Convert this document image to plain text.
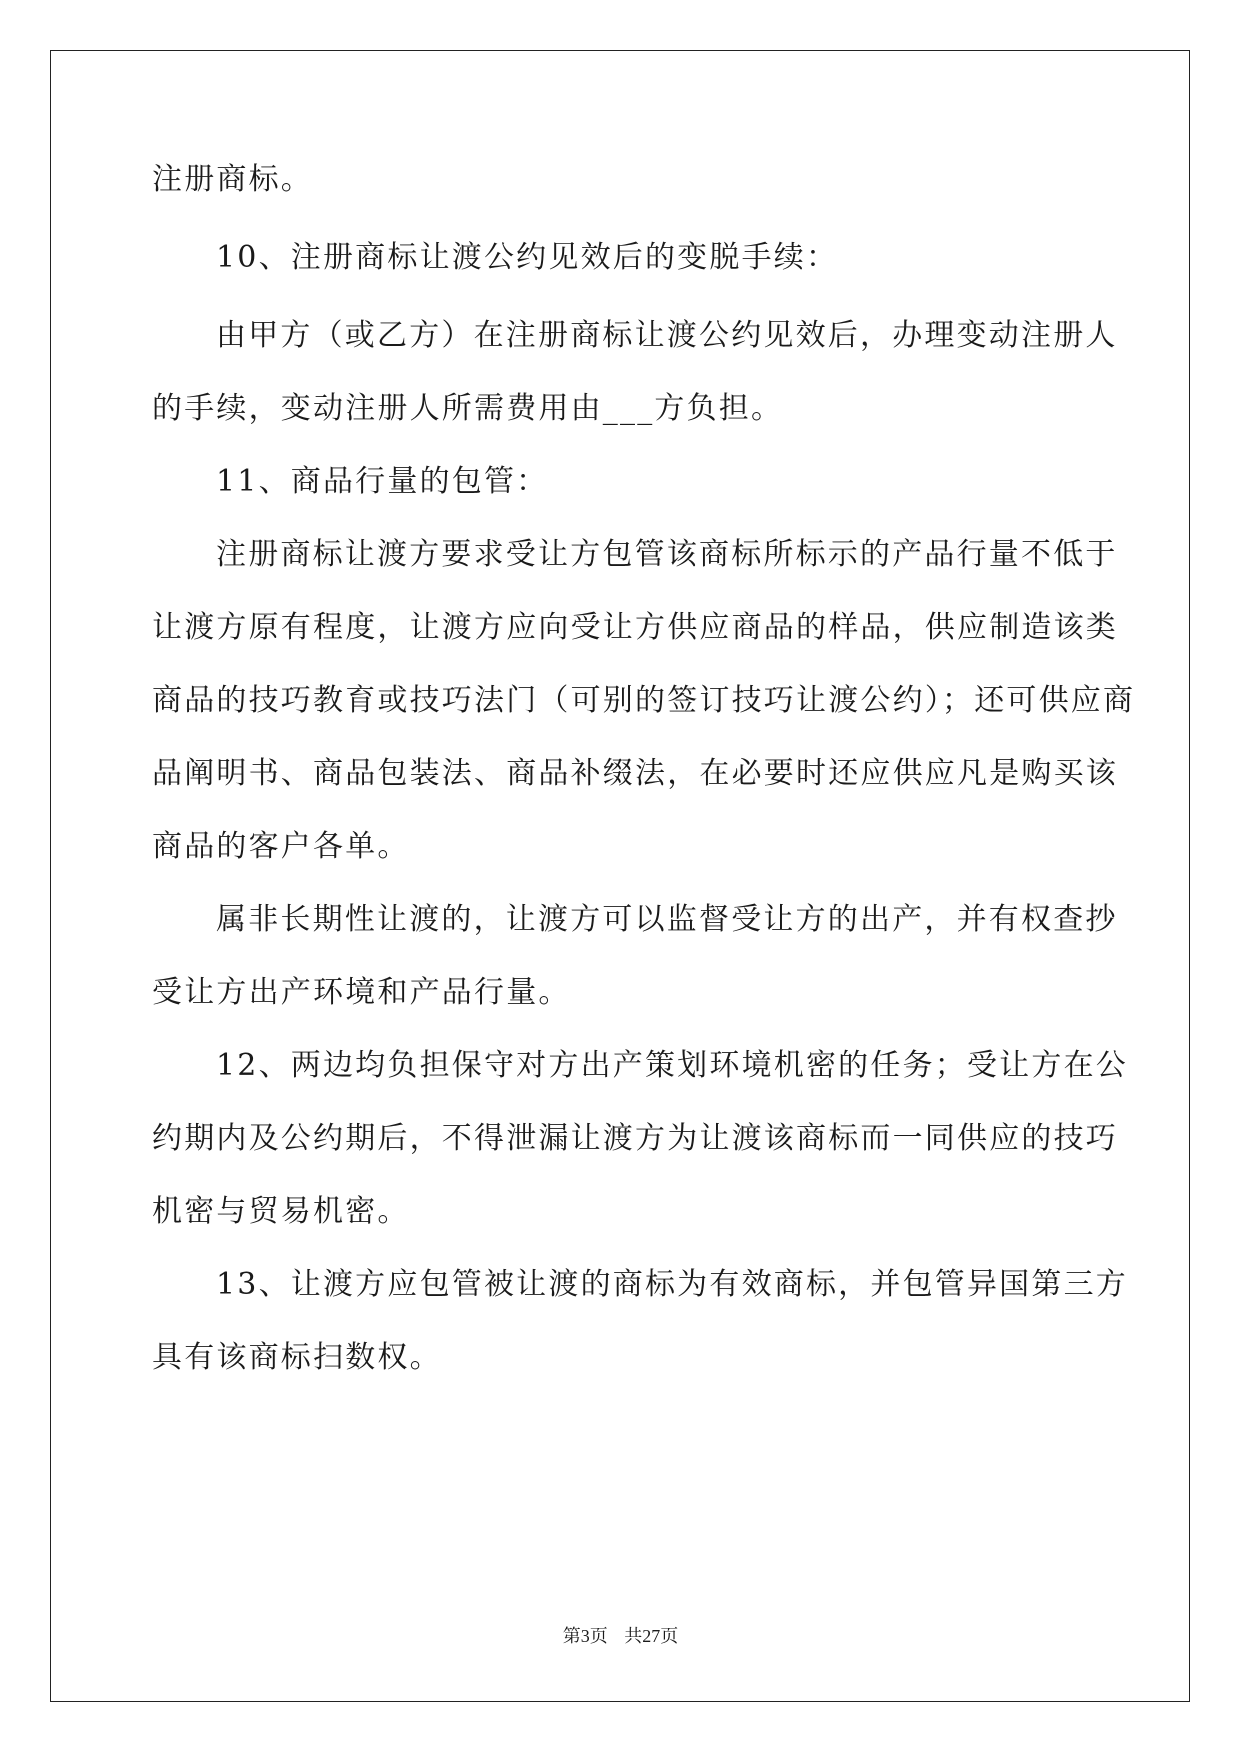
注册商标。

10、注册商标让渡公约见效后的变脱手续：

由甲方（或乙方）在注册商标让渡公约见效后，办理变动注册人

的手续，变动注册人所需费用由___方负担。

11、商品行量的包管：

注册商标让渡方要求受让方包管该商标所标示的产品行量不低于

让渡方原有程度，让渡方应向受让方供应商品的样品，供应制造该类

商品的技巧教育或技巧法门（可别的签订技巧让渡公约）；还可供应商

品阐明书、商品包装法、商品补缀法，在必要时还应供应凡是购买该

商品的客户各单。

属非长期性让渡的，让渡方可以监督受让方的出产，并有权查抄

受让方出产环境和产品行量。

12、两边均负担保守对方出产策划环境机密的任务；受让方在公

约期内及公约期后，不得泄漏让渡方为让渡该商标而一同供应的技巧

机密与贸易机密。

13、让渡方应包管被让渡的商标为有效商标，并包管异国第三方

具有该商标扫数权。

第3页 共27页
